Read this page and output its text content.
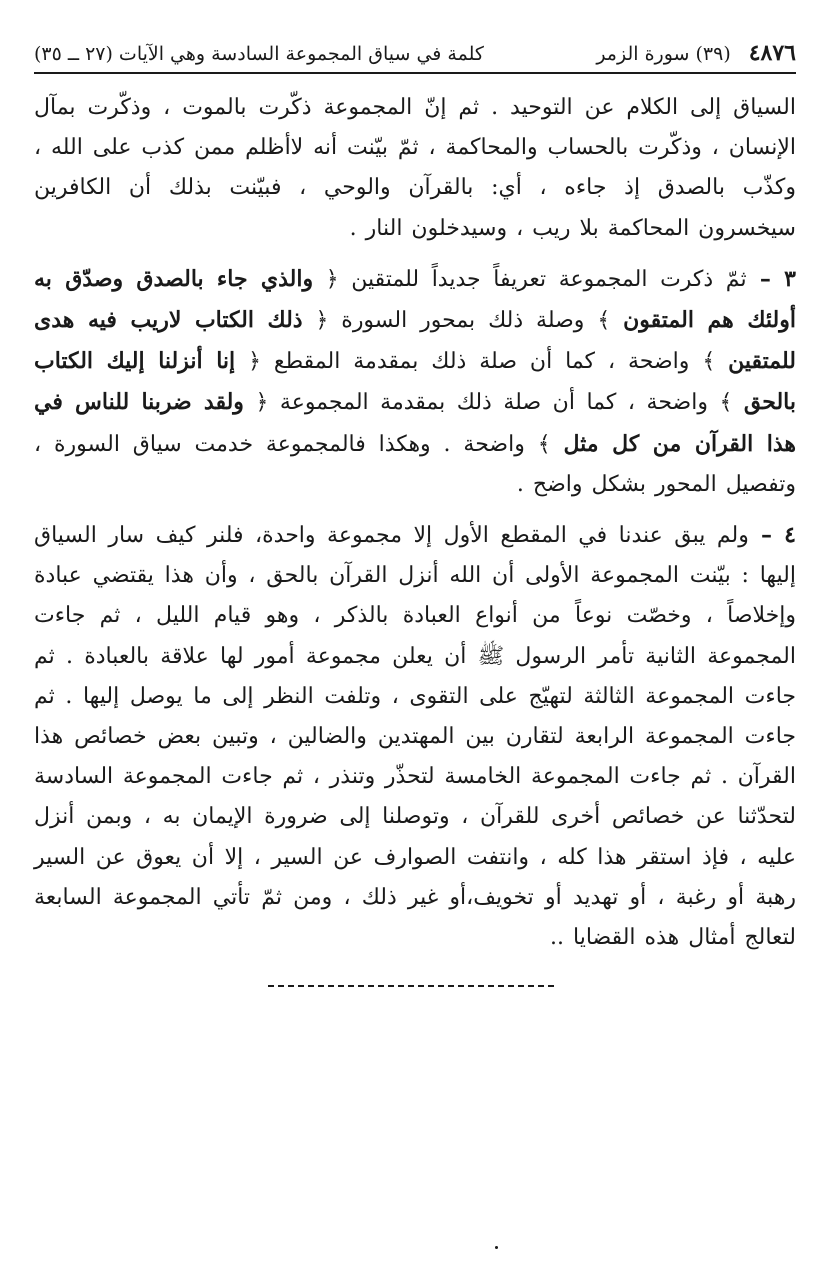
٤٨٧٦
(٣٩) سورة الزمر
كلمة في سياق المجموعة السادسة وهي الآيات (٢٧ ــ ٣٥)

السياق إلى الكلام عن التوحيد . ثم إنّ المجموعة ذكّرت بالموت ، وذكّرت بمآل الإنسان ، وذكّرت بالحساب والمحاكمة ، ثمّ بيّنت أنه لاأظلم ممن كذب على الله ، وكذّب بالصدق إذ جاءه ، أي: بالقرآن والوحي ، فبيّنت بذلك أن الكافرين سيخسرون المحاكمة بلا ريب ، وسيدخلون النار .

٣ – ثمّ ذكرت المجموعة تعريفاً جديداً للمتقين ﴿ والذي جاء بالصدق وصدّق به أولئك هم المتقون ﴾ وصلة ذلك بمحور السورة ﴿ ذلك الكتاب لاريب فيه هدى للمتقين ﴾ واضحة ، كما أن صلة ذلك بمقدمة المقطع ﴿ إنا أنزلنا إليك الكتاب بالحق ﴾ واضحة ، كما أن صلة ذلك بمقدمة المجموعة ﴿ ولقد ضربنا للناس في هذا القرآن من كل مثل ﴾ واضحة . وهكذا فالمجموعة خدمت سياق السورة ، وتفصيل المحور بشكل واضح .

٤ – ولم يبق عندنا في المقطع الأول إلا مجموعة واحدة، فلنر كيف سار السياق إليها : بيّنت المجموعة الأولى أن الله أنزل القرآن بالحق ، وأن هذا يقتضي عبادة وإخلاصاً ، وخصّت نوعاً من أنواع العبادة بالذكر ، وهو قيام الليل ، ثم جاءت المجموعة الثانية تأمر الرسول ﷺ أن يعلن مجموعة أمور لها علاقة بالعبادة . ثم جاءت المجموعة الثالثة لتهيّج على التقوى ، وتلفت النظر إلى ما يوصل إليها . ثم جاءت المجموعة الرابعة لتقارن بين المهتدين والضالين ، وتبين بعض خصائص هذا القرآن . ثم جاءت المجموعة الخامسة لتحذّر وتنذر ، ثم جاءت المجموعة السادسة لتحدّثنا عن خصائص أخرى للقرآن ، وتوصلنا إلى ضرورة الإيمان به ، وبمن أنزل عليه ، فإذ استقر هذا كله ، وانتفت الصوارف عن السير ، إلا أن يعوق عن السير رهبة أو رغبة ، أو تهديد أو تخويف،أو غير ذلك ، ومن ثمّ تأتي المجموعة السابعة لتعالج أمثال هذه القضايا ..
